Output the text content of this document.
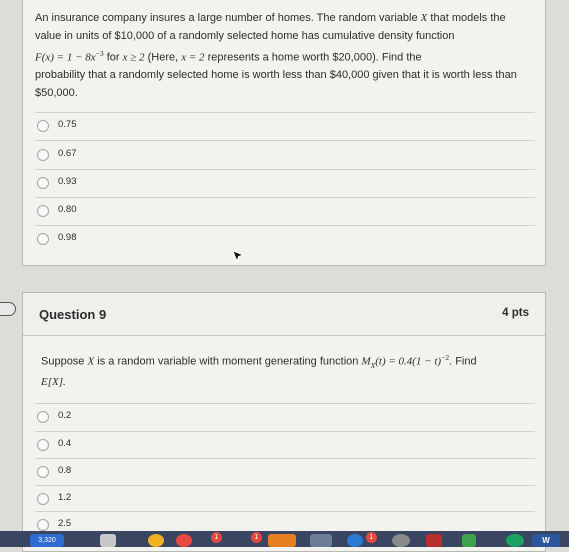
An insurance company insures a large number of homes. The random variable X that models the
value in units of $10,000 of a randomly selected home has cumulative density function
$F(x) = 1 - 8x^{-3}$ for x ≥ 2 (Here, x = 2 represents a home worth $20,000). Find the
probability that a randomly selected home is worth less than $40,000 given that it is worth less than
$50,000.
0.75
0.67
0.93
0.80
0.98
Question 9	4 pts
Suppose X is a random variable with moment generating function $M_X(t) = 0.4(1 - t)^{-2}$. Find
E[X].
0.2
0.4
0.8
1.2
2.5
3,320	1	1	1	W
